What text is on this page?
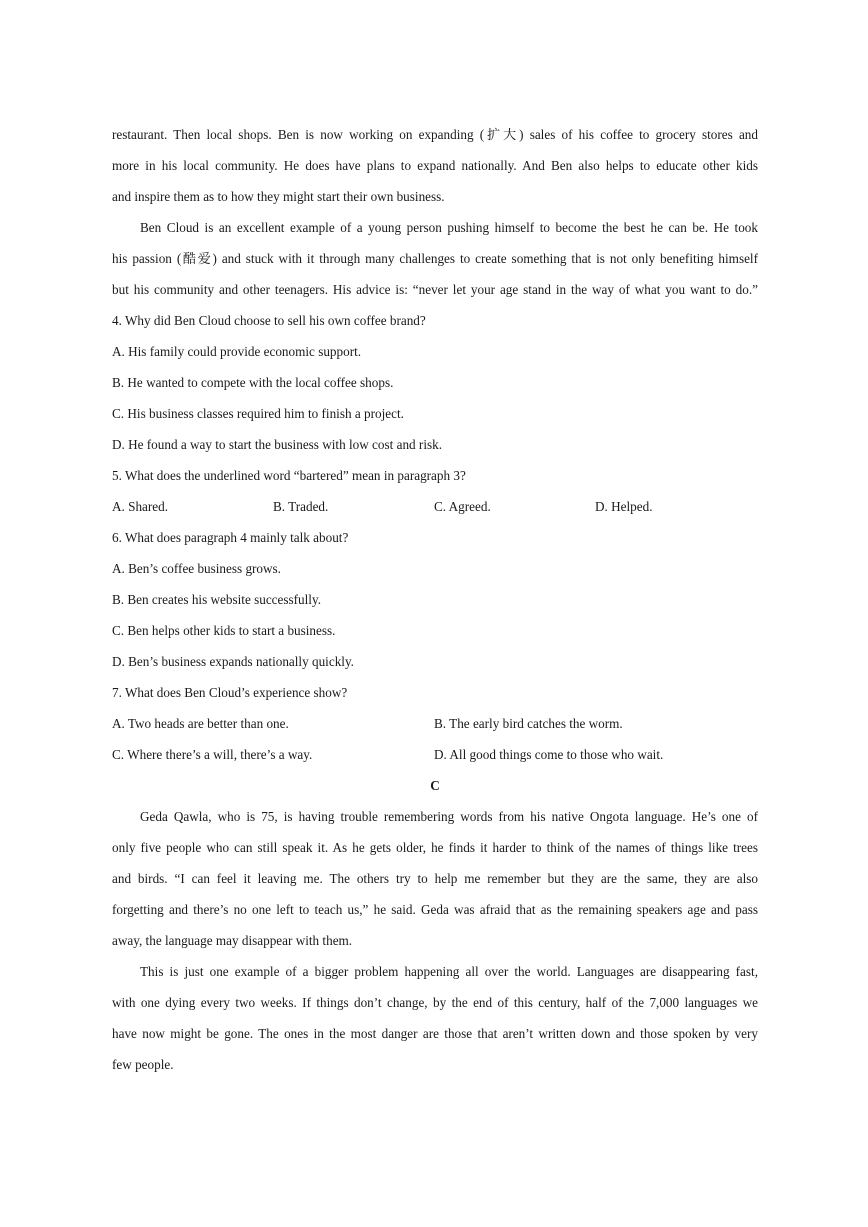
restaurant. Then local shops. Ben is now working on expanding (扩大) sales of his coffee to grocery stores and
more in his local community. He does have plans to expand nationally. And Ben also helps to educate other kids
and inspire them as to how they might start their own business.
Ben Cloud is an excellent example of a young person pushing himself to become the best he can be. He took
his passion (酷爱) and stuck with it through many challenges to create something that is not only benefiting himself
but his community and other teenagers. His advice is: “never let your age stand in the way of what you want to do.”
4. Why did Ben Cloud choose to sell his own coffee brand?
A. His family could provide economic support.
B. He wanted to compete with the local coffee shops.
C. His business classes required him to finish a project.
D. He found a way to start the business with low cost and risk.
5. What does the underlined word “bartered” mean in paragraph 3?
A. Shared.	B. Traded.	C. Agreed.	D. Helped.
6. What does paragraph 4 mainly talk about?
A. Ben’s coffee business grows.
B. Ben creates his website successfully.
C. Ben helps other kids to start a business.
D. Ben’s business expands nationally quickly.
7. What does Ben Cloud’s experience show?
A. Two heads are better than one.	B. The early bird catches the worm.
C. Where there’s a will, there’s a way.	D. All good things come to those who wait.
C
Geda Qawla, who is 75, is having trouble remembering words from his native Ongota language. He’s one of
only five people who can still speak it. As he gets older, he finds it harder to think of the names of things like trees
and birds. “I can feel it leaving me. The others try to help me remember but they are the same, they are also
forgetting and there’s no one left to teach us,” he said. Geda was afraid that as the remaining speakers age and pass
away, the language may disappear with them.
This is just one example of a bigger problem happening all over the world. Languages are disappearing fast,
with one dying every two weeks. If things don’t change, by the end of this century, half of the 7,000 languages we
have now might be gone. The ones in the most danger are those that aren’t written down and those spoken by very
few people.
